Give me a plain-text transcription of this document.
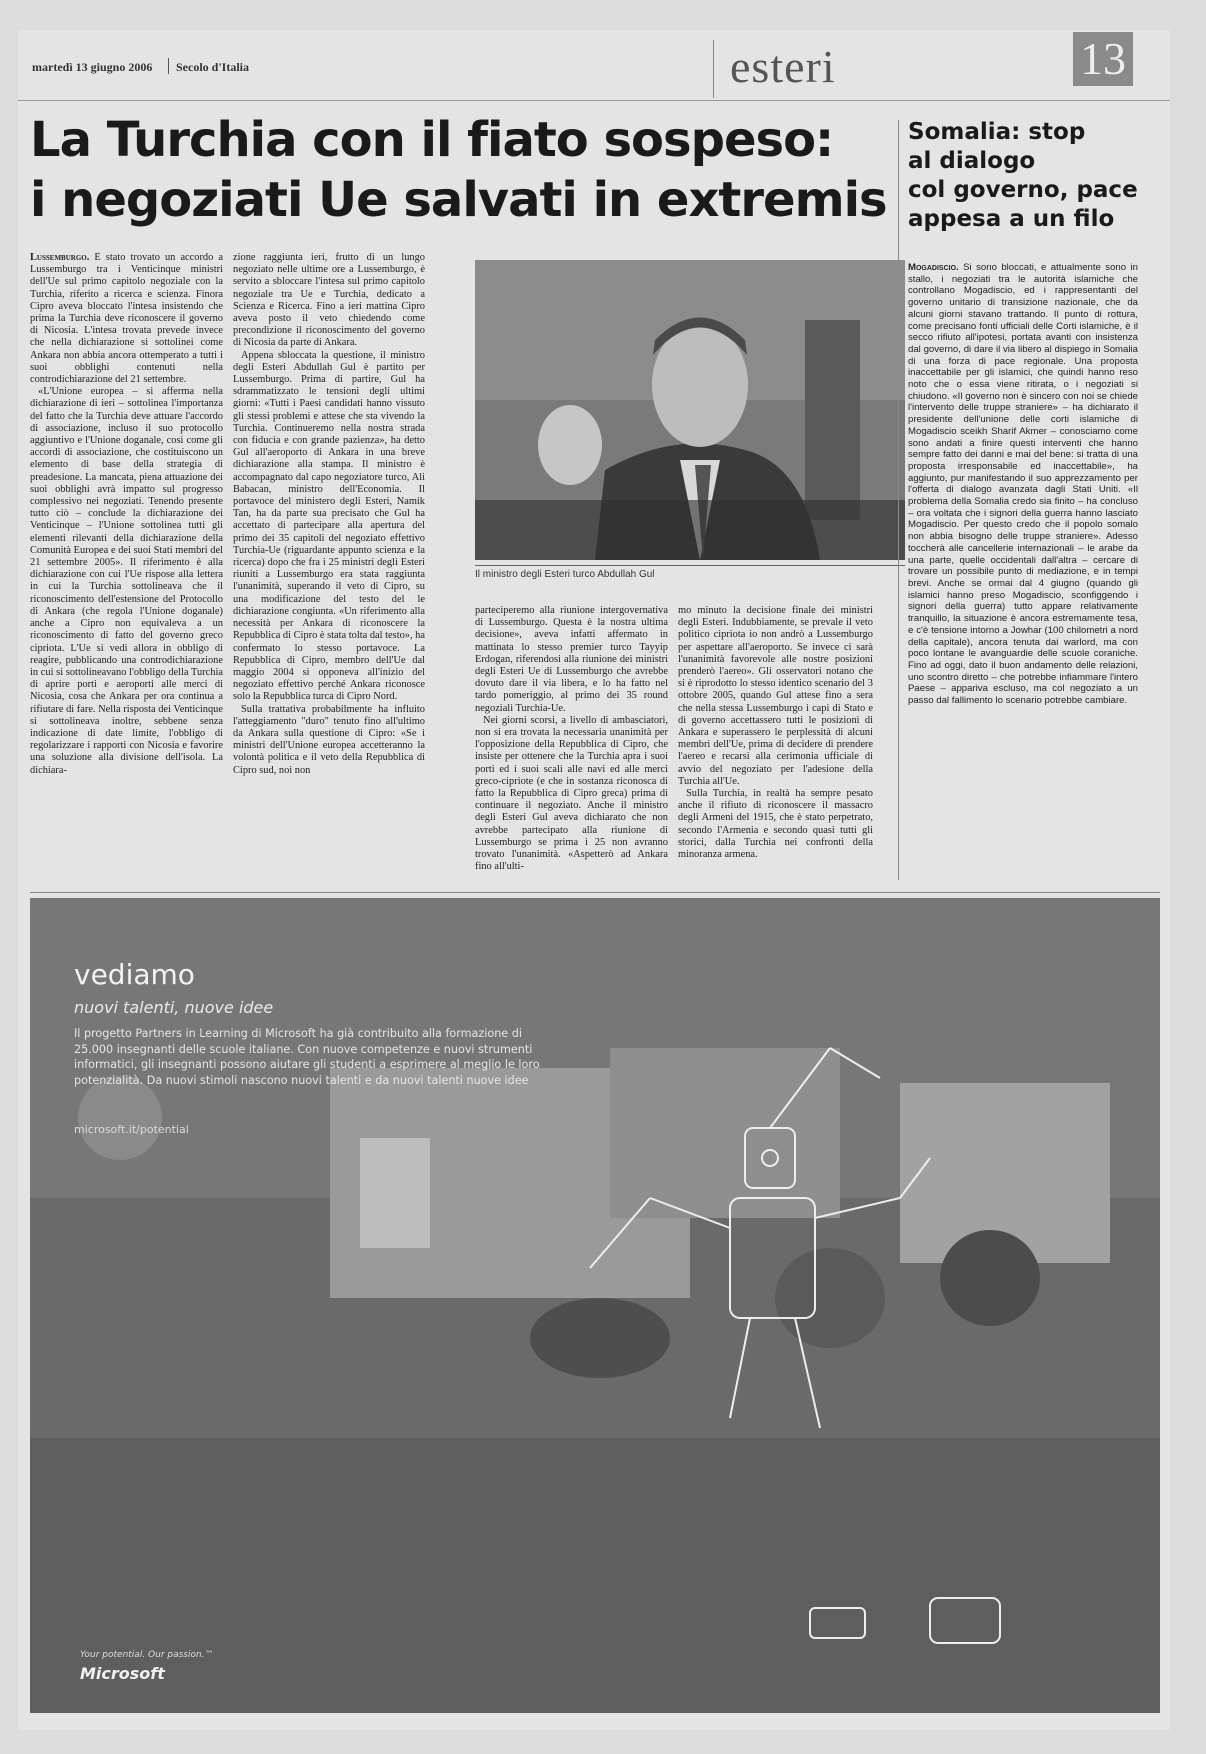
martedì 13 giugno 2006 Secolo d'Italia	esteri	13
La Turchia con il fiato sospeso:
i negoziati Ue salvati in extremis

Lussemburgo. È stato trovato un accordo a Lussemburgo tra i Venticinque ministri dell'Ue sul primo capitolo negoziale con la Turchia, riferito a ricerca e scienza. Finora Cipro aveva bloccato l'intesa insistendo che prima la Turchia deve riconoscere il governo di Nicosia. L'intesa trovata prevede invece che nella dichiarazione si sottolinei come Ankara non abbia ancora ottemperato a tutti i suoi obblighi contenuti nella controdichiarazione del 21 settembre.

«L'Unione europea – si afferma nella dichiarazione di ieri – sottolinea l'importanza del fatto che la Turchia deve attuare l'accordo di associazione, incluso il suo protocollo aggiuntivo e l'Unione doganale, così come gli accordi di associazione, che costituiscono un elemento di base della strategia di preadesione. La mancata, piena attuazione dei suoi obblighi avrà impatto sul progresso complessivo nei negoziati. Tenendo presente tutto ciò – conclude la dichiarazione dei Venticinque – l'Unione sottolinea tutti gli elementi rilevanti della dichiarazione della Comunità Europea e dei suoi Stati membri del 21 settembre 2005». Il riferimento è alla dichiarazione con cui l'Ue rispose alla lettera in cui la Turchia sottolineava che il riconoscimento dell'estensione del Protocollo di Ankara (che regola l'Unione doganale) anche a Cipro non equivaleva a un riconoscimento di fatto del governo greco cipriota. L'Ue si vedi allora in obbligo di reagire, pubblicando una controdichiarazione in cui si sottolineavano l'obbligo della Turchia di aprire porti e aeroporti alle merci di Nicosia, cosa che Ankara per ora continua a rifiutare di fare. Nella risposta dei Venticinque si sottolineava inoltre, sebbene senza indicazione di date limite, l'obbligo di regolarizzare i rapporti con Nicosia e favorire una soluzione alla divisione dell'isola. La dichiara-

zione raggiunta ieri, frutto di un lungo negoziato nelle ultime ore a Lussemburgo, è servito a sbloccare l'intesa sul primo capitolo negoziale tra Ue e Turchia, dedicato a Scienza e Ricerca. Fino a ieri mattina Cipro aveva posto il veto chiedendo come precondizione il riconoscimento del governo di Nicosia da parte di Ankara.

Appena sbloccata la questione, il ministro degli Esteri Abdullah Gul è partito per Lussemburgo. Prima di partire, Gul ha sdrammatizzato le tensioni degli ultimi giorni: «Tutti i Paesi candidati hanno vissuto gli stessi problemi e attese che sta vivendo la Turchia. Continueremo nella nostra strada con fiducia e con grande pazienza», ha detto Gul all'aeroporto di Ankara in una breve dichiarazione alla stampa. Il ministro è accompagnato dal capo negoziatore turco, Ali Babacan, ministro dell'Economia. Il portavoce del ministero degli Esteri, Namik Tan, ha da parte sua precisato che Gul ha accettato di partecipare alla apertura del primo dei 35 capitoli del negoziato effettivo Turchia-Ue (riguardante appunto scienza e la ricerca) dopo che fra i 25 ministri degli Esteri riuniti a Lussemburgo era stata raggiunta l'unanimità, superando il veto di Cipro, su una modificazione del testo del le dichiarazione congiunta. «Un riferimento alla necessità per Ankara di riconoscere la Repubblica di Cipro è stata tolta dal testo», ha confermato lo stesso portavoce. La Repubblica di Cipro, membro dell'Ue dal maggio 2004 si opponeva all'inizio del negoziato effettivo perché Ankara riconosce solo la Repubblica turca di Cipro Nord.

Sulla trattativa probabilmente ha influito l'atteggiamento "duro" tenuto fino all'ultimo da Ankara sulla questione di Cipro: «Se i ministri dell'Unione europea accetteranno la volontà politica e il veto della Repubblica di Cipro sud, noi non

Il ministro degli Esteri turco Abdullah Gul

parteciperemo alla riunione intergovernativa di Lussemburgo. Questa è la nostra ultima decisione», aveva infatti affermato in mattinata lo stesso premier turco Tayyip Erdogan, riferendosi alla riunione dei ministri degli Esteri Ue di Lussemburgo che avrebbe dovuto dare il via libera, e lo ha fatto nel tardo pomeriggio, al primo dei 35 round negoziali Turchia-Ue.

Nei giorni scorsi, a livello di ambasciatori, non si era trovata la necessaria unanimità per l'opposizione della Repubblica di Cipro, che insiste per ottenere che la Turchia apra i suoi porti ed i suoi scali alle navi ed alle merci greco-cipriote (e che in sostanza riconosca di fatto la Repubblica di Cipro greca) prima di continuare il negoziato. Anche il ministro degli Esteri Gul aveva dichiarato che non avrebbe partecipato alla riunione di Lussemburgo se prima i 25 non avranno trovato l'unanimità. «Aspetterò ad Ankara fino all'ulti-

mo minuto la decisione finale dei ministri degli Esteri. Indubbiamente, se prevale il veto politico cipriota io non andrò a Lussemburgo per aspettare all'aeroporto. Se invece ci sarà l'unanimità favorevole alle nostre posizioni prenderò l'aereo». Gli osservatori notano che si è riprodotto lo stesso identico scenario del 3 ottobre 2005, quando Gul attese fino a sera che nella stessa Lussemburgo i capi di Stato e di governo accettassero tutti le posizioni di Ankara e superassero le perplessità di alcuni membri dell'Ue, prima di decidere di prendere l'aereo e recarsi alla cerimonia ufficiale di avvio del negoziato per l'adesione della Turchia all'Ue.

Sulla Turchia, in realtà ha sempre pesato anche il rifiuto di riconoscere il massacro degli Armeni del 1915, che è stato perpetrato, secondo l'Armenia e secondo quasi tutti gli storici, dalla Turchia nei confronti della minoranza armena.

Somalia: stop
al dialogo
col governo, pace
appesa a un filo
Mogadiscio. Si sono bloccati, e attualmente sono in stallo, i negoziati tra le autorità islamiche che controllano Mogadiscio, ed i rappresentanti del governo unitario di transizione nazionale, che da alcuni giorni stavano trattando. Il punto di rottura, come precisano fonti ufficiali delle Corti islamiche, è il secco rifiuto all'ipotesi, portata avanti con insistenza dal governo, di dare il via libero al dispiego in Somalia di una forza di pace regionale. Una proposta inaccettabile per gli islamici, che quindi hanno reso noto che o essa viene ritirata, o i negoziati si chiudono. «Il governo non è sincero con noi se chiede l'intervento delle truppe straniere» – ha dichiarato il presidente dell'unione delle corti islamiche di Mogadiscio sceikh Sharif Akmer – conosciamo come sono andati a finire questi interventi che hanno sempre fatto dei danni e mai del bene: si tratta di una proposta irresponsabile ed inaccettabile», ha aggiunto, pur manifestando il suo apprezzamento per l'offerta di dialogo avanzata dagli Stati Uniti. «Il problema della Somalia credo sia finito – ha concluso – ora voltata che i signori della guerra hanno lasciato Mogadiscio. Per questo credo che il popolo somalo non abbia bisogno delle truppe straniere». Adesso toccherà alle cancellerie internazionali – le arabe da una parte, quelle occidentali dall'altra – cercare di trovare un possibile punto di mediazione, e in tempi brevi. Anche se ormai dal 4 giugno (quando gli islamici hanno preso Mogadiscio, sconfiggendo i signori della guerra) tutto appare relativamente tranquillo, la situazione è ancora estremamente tesa, e c'è tensione intorno a Jowhar (100 chilometri a nord della capitale), ancora tenuta dai warlord, ma con poco lontane le avanguardie delle scuole coraniche. Fino ad oggi, dato il buon andamento delle relazioni, uno scontro diretto – che potrebbe infiammare l'intero Paese – appariva escluso, ma col negoziato a un passo dal fallimento lo scenario potrebbe cambiare.
vediamo
nuovi talenti, nuove idee
Il progetto Partners in Learning di Microsoft ha già contribuito alla formazione di 25.000 insegnanti delle scuole italiane. Con nuove competenze e nuovi strumenti informatici, gli insegnanti possono aiutare gli studenti a esprimere al meglio le loro potenzialità. Da nuovi stimoli nascono nuovi talenti e da nuovi talenti nuove idee
microsoft.it/potential
Your potential. Our passion.™
Microsoft
